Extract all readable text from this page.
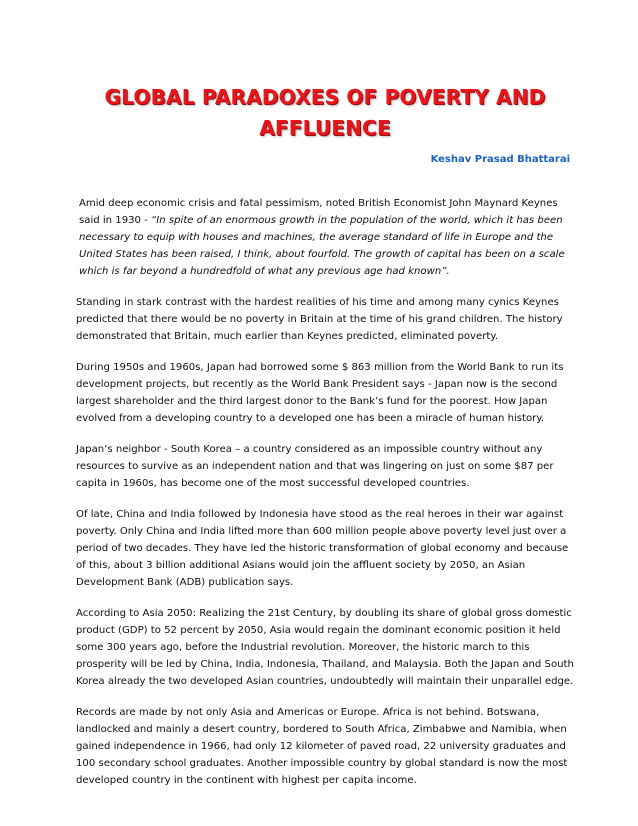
GLOBAL PARADOXES OF POVERTY AND
AFFLUENCE
Keshav Prasad Bhattarai

Amid deep economic crisis and fatal pessimism, noted British Economist John Maynard Keynes said in 1930 - “In spite of an enormous growth in the population of the world, which it has been necessary to equip with houses and machines, the average standard of life in Europe and the United States has been raised, I think, about fourfold. The growth of capital has been on a scale which is far beyond a hundredfold of what any previous age had known”.

Standing in stark contrast with the hardest realities of his time and among many cynics Keynes predicted that there would be no poverty in Britain at the time of his grand children. The history demonstrated that Britain, much earlier than Keynes predicted, eliminated poverty.

During 1950s and 1960s, Japan had borrowed some $ 863 million from the World Bank to run its development projects, but recently as the World Bank President says - Japan now is the second largest shareholder and the third largest donor to the Bank’s fund for the poorest. How Japan evolved from a developing country to a developed one has been a miracle of human history.

Japan’s neighbor - South Korea – a country considered as an impossible country without any resources to survive as an independent nation and that was lingering on just on some $87 per capita in 1960s, has become one of the most successful developed countries.

Of late, China and India followed by Indonesia have stood as the real heroes in their war against poverty. Only China and India lifted more than 600 million people above poverty level just over a period of two decades. They have led the historic transformation of global economy and because of this, about 3 billion additional Asians would join the affluent society by 2050, an Asian Development Bank (ADB) publication says.

According to Asia 2050: Realizing the 21st Century, by doubling its share of global gross domestic product (GDP) to 52 percent by 2050, Asia would regain the dominant economic position it held some 300 years ago, before the Industrial revolution. Moreover, the historic march to this prosperity will be led by China, India, Indonesia, Thailand, and Malaysia. Both the Japan and South Korea already the two developed Asian countries, undoubtedly will maintain their unparallel edge.

Records are made by not only Asia and Americas or Europe. Africa is not behind. Botswana, landlocked and mainly a desert country, bordered to South Africa, Zimbabwe and Namibia, when gained independence in 1966, had only 12 kilometer of paved road, 22 university graduates and 100 secondary school graduates. Another impossible country by global standard is now the most developed country in the continent with highest per capita income.
